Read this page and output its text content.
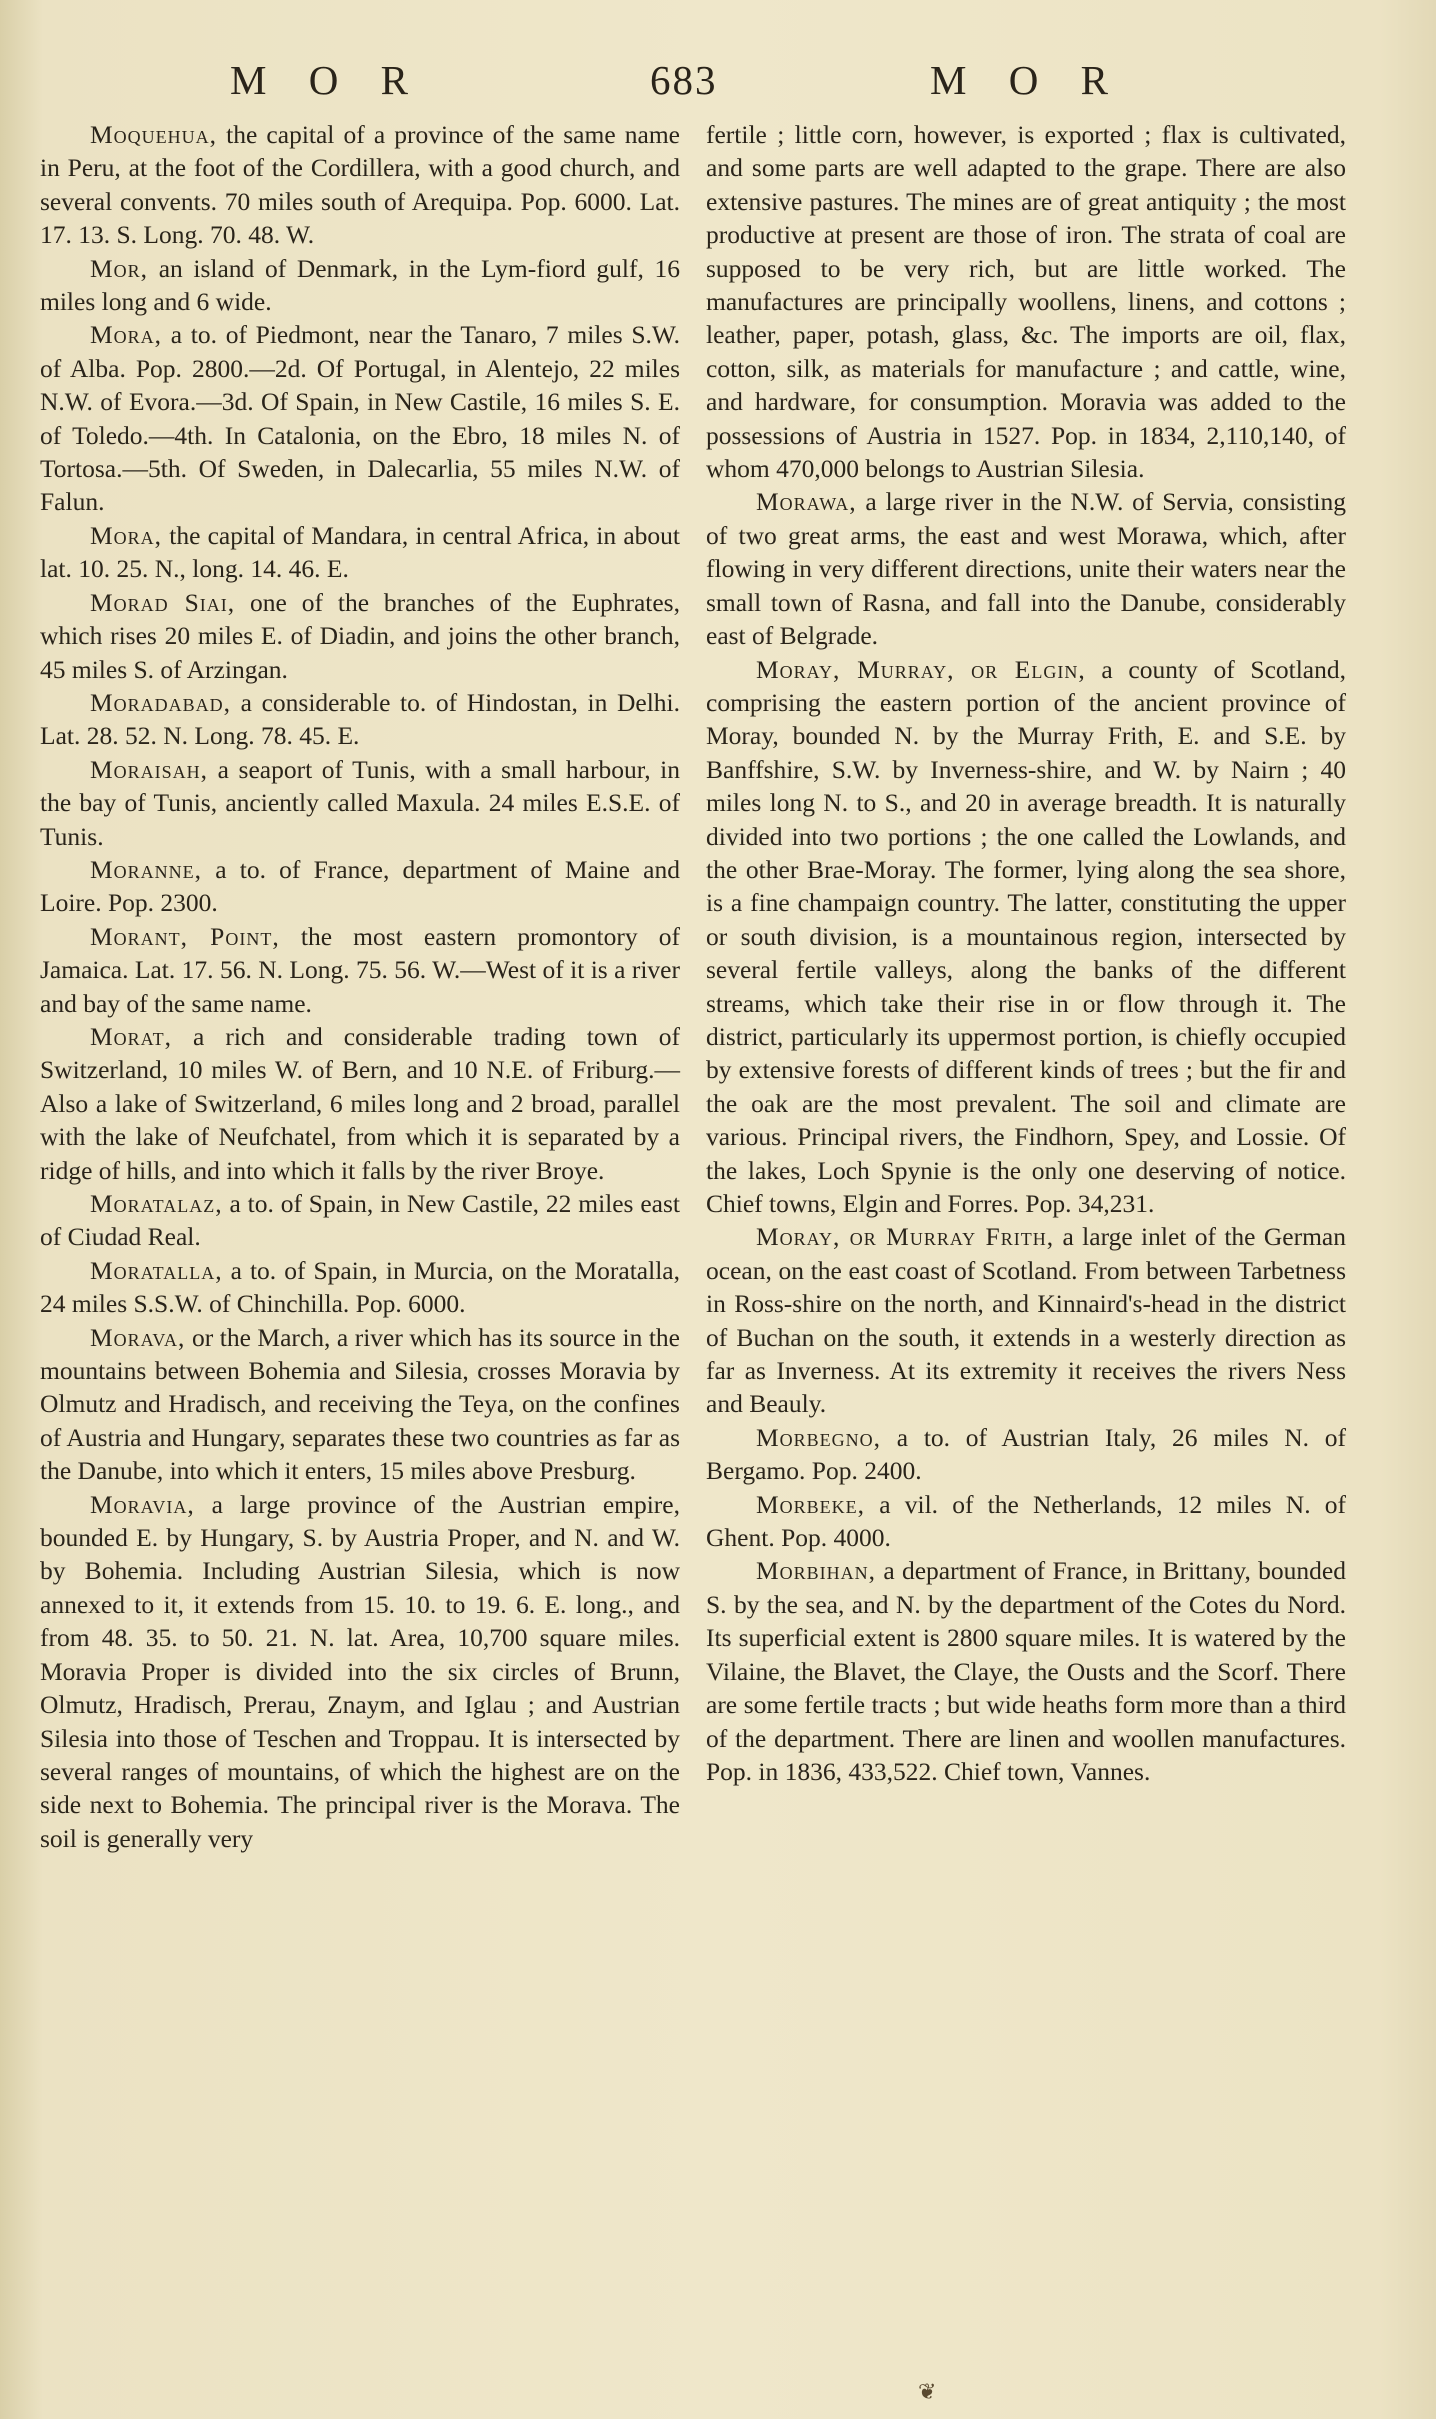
M O R	683	M O R

Moquehua, the capital of a province of the same name in Peru, at the foot of the Cordillera, with a good church, and several convents. 70 miles south of Arequipa. Pop. 6000. Lat. 17. 13. S. Long. 70. 48. W.

Mor, an island of Denmark, in the Lym-fiord gulf, 16 miles long and 6 wide.

Mora, a to. of Piedmont, near the Tanaro, 7 miles S.W. of Alba. Pop. 2800.—2d. Of Portugal, in Alentejo, 22 miles N.W. of Evora.—3d. Of Spain, in New Castile, 16 miles S. E. of Toledo.—4th. In Catalonia, on the Ebro, 18 miles N. of Tortosa.—5th. Of Sweden, in Dalecarlia, 55 miles N.W. of Falun.

Mora, the capital of Mandara, in central Africa, in about lat. 10. 25. N., long. 14. 46. E.

Morad Siai, one of the branches of the Euphrates, which rises 20 miles E. of Diadin, and joins the other branch, 45 miles S. of Arzingan.

Moradabad, a considerable to. of Hindostan, in Delhi. Lat. 28. 52. N. Long. 78. 45. E.

Moraisah, a seaport of Tunis, with a small harbour, in the bay of Tunis, anciently called Maxula. 24 miles E.S.E. of Tunis.

Moranne, a to. of France, department of Maine and Loire. Pop. 2300.

Morant, Point, the most eastern promontory of Jamaica. Lat. 17. 56. N. Long. 75. 56. W.—West of it is a river and bay of the same name.

Morat, a rich and considerable trading town of Switzerland, 10 miles W. of Bern, and 10 N.E. of Friburg.—Also a lake of Switzerland, 6 miles long and 2 broad, parallel with the lake of Neufchatel, from which it is separated by a ridge of hills, and into which it falls by the river Broye.

Moratalaz, a to. of Spain, in New Castile, 22 miles east of Ciudad Real.

Moratalla, a to. of Spain, in Murcia, on the Moratalla, 24 miles S.S.W. of Chinchilla. Pop. 6000.

Morava, or the March, a river which has its source in the mountains between Bohemia and Silesia, crosses Moravia by Olmutz and Hradisch, and receiving the Teya, on the confines of Austria and Hungary, separates these two countries as far as the Danube, into which it enters, 15 miles above Presburg.

Moravia, a large province of the Austrian empire, bounded E. by Hungary, S. by Austria Proper, and N. and W. by Bohemia. Including Austrian Silesia, which is now annexed to it, it extends from 15. 10. to 19. 6. E. long., and from 48. 35. to 50. 21. N. lat. Area, 10,700 square miles. Moravia Proper is divided into the six circles of Brunn, Olmutz, Hradisch, Prerau, Znaym, and Iglau ; and Austrian Silesia into those of Teschen and Troppau. It is intersected by several ranges of mountains, of which the highest are on the side next to Bohemia. The principal river is the Morava. The soil is generally very

fertile ; little corn, however, is exported ; flax is cultivated, and some parts are well adapted to the grape. There are also extensive pastures. The mines are of great antiquity ; the most productive at present are those of iron. The strata of coal are supposed to be very rich, but are little worked. The manufactures are principally woollens, linens, and cottons ; leather, paper, potash, glass, &c. The imports are oil, flax, cotton, silk, as materials for manufacture ; and cattle, wine, and hardware, for consumption. Moravia was added to the possessions of Austria in 1527. Pop. in 1834, 2,110,140, of whom 470,000 belongs to Austrian Silesia.

Morawa, a large river in the N.W. of Servia, consisting of two great arms, the east and west Morawa, which, after flowing in very different directions, unite their waters near the small town of Rasna, and fall into the Danube, considerably east of Belgrade.

Moray, Murray, or Elgin, a county of Scotland, comprising the eastern portion of the ancient province of Moray, bounded N. by the Murray Frith, E. and S.E. by Banffshire, S.W. by Inverness-shire, and W. by Nairn ; 40 miles long N. to S., and 20 in average breadth. It is naturally divided into two portions ; the one called the Lowlands, and the other Brae-Moray. The former, lying along the sea shore, is a fine champaign country. The latter, constituting the upper or south division, is a mountainous region, intersected by several fertile valleys, along the banks of the different streams, which take their rise in or flow through it. The district, particularly its uppermost portion, is chiefly occupied by extensive forests of different kinds of trees ; but the fir and the oak are the most prevalent. The soil and climate are various. Principal rivers, the Findhorn, Spey, and Lossie. Of the lakes, Loch Spynie is the only one deserving of notice. Chief towns, Elgin and Forres. Pop. 34,231.

Moray, or Murray Frith, a large inlet of the German ocean, on the east coast of Scotland. From between Tarbetness in Ross-shire on the north, and Kinnaird's-head in the district of Buchan on the south, it extends in a westerly direction as far as Inverness. At its extremity it receives the rivers Ness and Beauly.

Morbegno, a to. of Austrian Italy, 26 miles N. of Bergamo. Pop. 2400.

Morbeke, a vil. of the Netherlands, 12 miles N. of Ghent. Pop. 4000.

Morbihan, a department of France, in Brittany, bounded S. by the sea, and N. by the department of the Cotes du Nord. Its superficial extent is 2800 square miles. It is watered by the Vilaine, the Blavet, the Claye, the Ousts and the Scorf. There are some fertile tracts ; but wide heaths form more than a third of the department. There are linen and woollen manufactures. Pop. in 1836, 433,522. Chief town, Vannes.

❦
